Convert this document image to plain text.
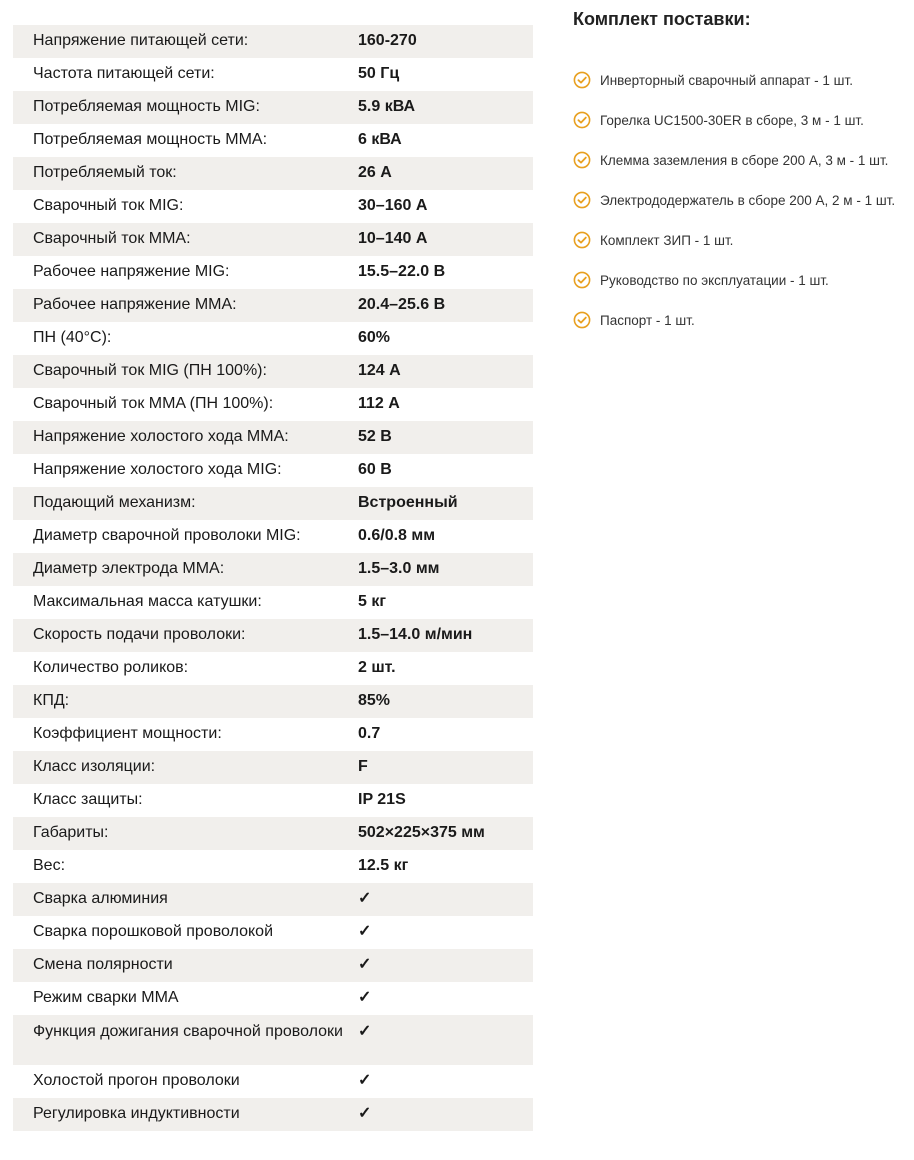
Напряжение питающей сети:	160-270
Частота питающей сети:	50 Гц
Потребляемая мощность MIG:	5.9 кВА
Потребляемая мощность MMA:	6 кВА
Потребляемый ток:	26 А
Сварочный ток MIG:	30–160 А
Сварочный ток MMA:	10–140 А
Рабочее напряжение MIG:	15.5–22.0 В
Рабочее напряжение MMA:	20.4–25.6 В
ПН (40°С):	60%
Сварочный ток MIG (ПН 100%):	124 А
Сварочный ток MMA (ПН 100%):	112 А
Напряжение холостого хода MMA:	52 В
Напряжение холостого хода MIG:	60 В
Подающий механизм:	Встроенный
Диаметр сварочной проволоки MIG:	0.6/0.8 мм
Диаметр электрода MMA:	1.5–3.0 мм
Максимальная масса катушки:	5 кг
Скорость подачи проволоки:	1.5–14.0 м/мин
Количество роликов:	2 шт.
КПД:	85%
Коэффициент мощности:	0.7
Класс изоляции:	F
Класс защиты:	IP 21S
Габариты:	502×225×375 мм
Вес:	12.5 кг
Сварка алюминия	✓
Сварка порошковой проволокой	✓
Смена полярности	✓
Режим сварки MMA	✓
Функция дожигания сварочной проволоки	✓
Холостой прогон проволоки	✓
Регулировка индуктивности	✓
Комплект поставки:
Инверторный сварочный аппарат - 1 шт.
Горелка UC1500-30ER в сборе, 3 м - 1 шт.
Клемма заземления в сборе 200 А, 3 м - 1 шт.
Электрододержатель в сборе 200 А, 2 м - 1 шт.
Комплект ЗИП - 1 шт.
Руководство по эксплуатации - 1 шт.
Паспорт - 1 шт.
